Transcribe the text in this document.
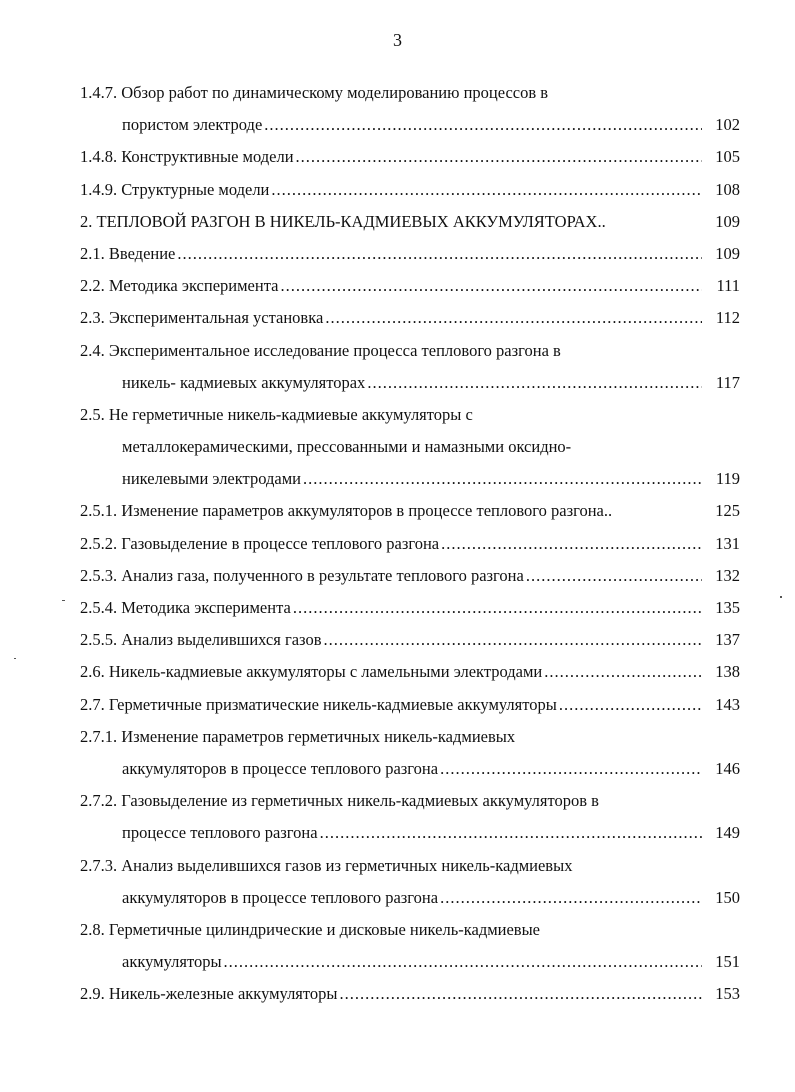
3
1.4.7. Обзор работ по динамическому моделированию процессов в
пористом электроде .....	102
1.4.8. Конструктивные модели .....	105
1.4.9. Структурные модели .....	108
2. ТЕПЛОВОЙ РАЗГОН В НИКЕЛЬ-КАДМИЕВЫХ АККУМУЛЯТОРАХ..	109
2.1. Введение .....	109
2.2. Методика эксперимента .....	111
2.3. Экспериментальная установка .....	112
2.4. Экспериментальное исследование процесса теплового разгона в
никель- кадмиевых аккумуляторах .....	117
2.5. Не герметичные никель-кадмиевые аккумуляторы с
металлокерамическими, прессованными и намазными оксидно-
никелевыми электродами .....	119
2.5.1. Изменение параметров аккумуляторов в процессе теплового разгона..	125
2.5.2. Газовыделение в процессе теплового разгона .....	131
2.5.3. Анализ газа, полученного в результате теплового разгона .....	132
2.5.4. Методика эксперимента .....	135
2.5.5. Анализ выделившихся газов .....	137
2.6. Никель-кадмиевые аккумуляторы с ламельными электродами .....	138
2.7. Герметичные призматические никель-кадмиевые аккумуляторы .....	143
2.7.1. Изменение параметров герметичных никель-кадмиевых
аккумуляторов в процессе теплового разгона .....	146
2.7.2. Газовыделение из герметичных никель-кадмиевых аккумуляторов в
процессе теплового разгона .....	149
2.7.3. Анализ выделившихся газов из герметичных никель-кадмиевых
аккумуляторов в процессе теплового разгона .....	150
2.8. Герметичные цилиндрические и дисковые никель-кадмиевые
аккумуляторы .....	151
2.9. Никель-железные аккумуляторы .....	153
